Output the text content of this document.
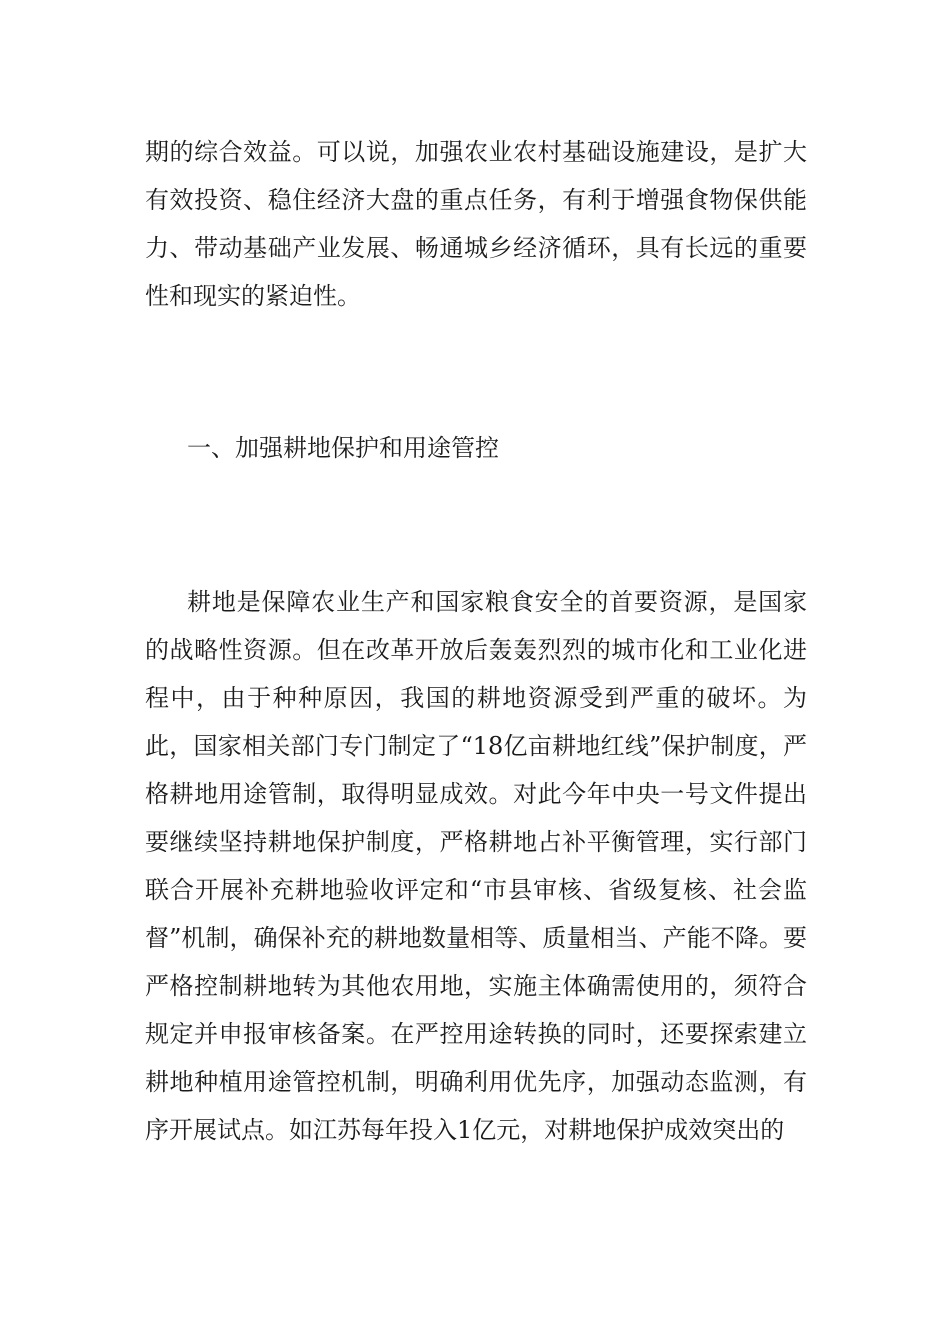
期的综合效益。可以说，加强农业农村基础设施建设，是扩大有效投资、稳住经济大盘的重点任务，有利于增强食物保供能力、带动基础产业发展、畅通城乡经济循环，具有长远的重要性和现实的紧迫性。

一、加强耕地保护和用途管控

耕地是保障农业生产和国家粮食安全的首要资源，是国家的战略性资源。但在改革开放后轰轰烈烈的城市化和工业化进程中，由于种种原因，我国的耕地资源受到严重的破坏。为此，国家相关部门专门制定了“18亿亩耕地红线”保护制度，严格耕地用途管制，取得明显成效。对此今年中央一号文件提出要继续坚持耕地保护制度，严格耕地占补平衡管理，实行部门联合开展补充耕地验收评定和“市县审核、省级复核、社会监督”机制，确保补充的耕地数量相等、质量相当、产能不降。要严格控制耕地转为其他农用地，实施主体确需使用的，须符合规定并申报审核备案。在严控用途转换的同时，还要探索建立耕地种植用途管控机制，明确利用优先序，加强动态监测，有序开展试点。如江苏每年投入1亿元，对耕地保护成效突出的
